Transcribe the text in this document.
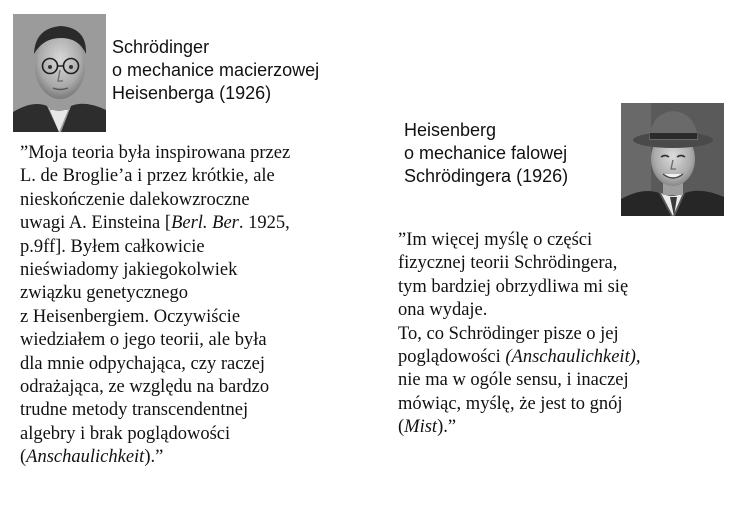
Schrödinger
o mechanice macierzowej
Heisenberga (1926)
”Moja teoria była inspirowana przez
L. de Broglie’a i przez krótkie, ale
nieskończenie dalekowzroczne
uwagi A. Einsteina [Berl. Ber. 1925,
p.9ff]. Byłem całkowicie
nieświadomy jakiegokolwiek
związku genetycznego
z Heisenbergiem. Oczywiście
wiedziałem o jego teorii, ale była
dla mnie odpychająca, czy raczej
odrażająca, ze względu na bardzo
trudne metody transcendentnej
algebry i brak poglądowości
(Anschaulichkeit).”
Heisenberg
o mechanice falowej
Schrödingera (1926)
”Im więcej myślę o części
fizycznej teorii Schrödingera,
tym bardziej obrzydliwa mi się
ona wydaje.
To, co Schrödinger pisze o jej
poglądowości (Anschaulichkeit),
nie ma w ogóle sensu, i inaczej
mówiąc, myślę, że jest to gnój
(Mist).”
